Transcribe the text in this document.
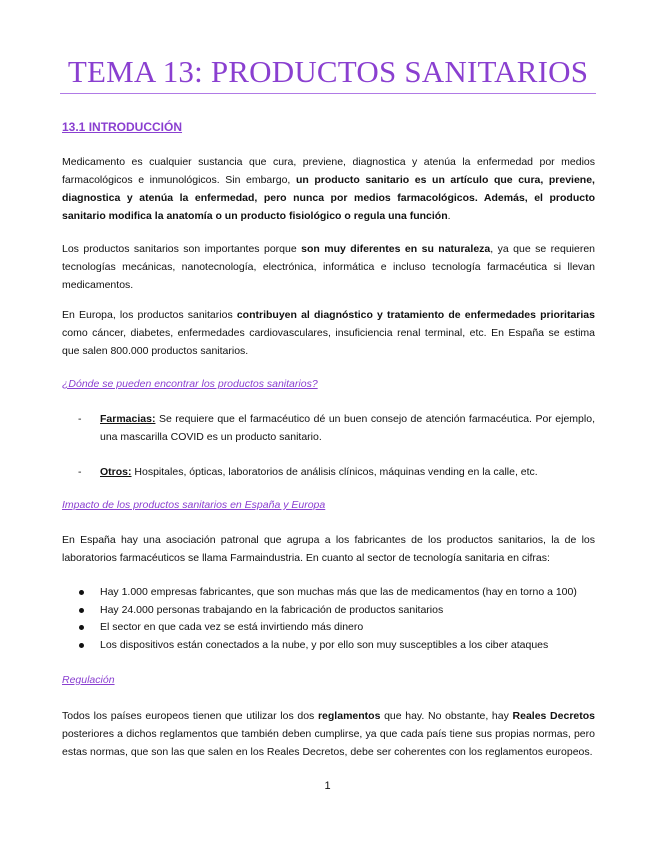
TEMA 13: PRODUCTOS SANITARIOS
13.1 INTRODUCCIÓN

Medicamento es cualquier sustancia que cura, previene, diagnostica y atenúa la enfermedad por medios farmacológicos e inmunológicos. Sin embargo, un producto sanitario es un artículo que cura, previene, diagnostica y atenúa la enfermedad, pero nunca por medios farmacológicos. Además, el producto sanitario modifica la anatomía o un producto fisiológico o regula una función.

Los productos sanitarios son importantes porque son muy diferentes en su naturaleza, ya que se requieren tecnologías mecánicas, nanotecnología, electrónica, informática e incluso tecnología farmacéutica si llevan medicamentos.

En Europa, los productos sanitarios contribuyen al diagnóstico y tratamiento de enfermedades prioritarias como cáncer, diabetes, enfermedades cardiovasculares, insuficiencia renal terminal, etc. En España se estima que salen 800.000 productos sanitarios.

¿Dónde se pueden encontrar los productos sanitarios?

- Farmacias: Se requiere que el farmacéutico dé un buen consejo de atención farmacéutica. Por ejemplo, una mascarilla COVID es un producto sanitario.
- Otros: Hospitales, ópticas, laboratorios de análisis clínicos, máquinas vending en la calle, etc.

Impacto de los productos sanitarios en España y Europa

En España hay una asociación patronal que agrupa a los fabricantes de los productos sanitarios, la de los laboratorios farmacéuticos se llama Farmaindustria. En cuanto al sector de tecnología sanitaria en cifras:

Hay 1.000 empresas fabricantes, que son muchas más que las de medicamentos (hay en torno a 100)
Hay 24.000 personas trabajando en la fabricación de productos sanitarios
El sector en que cada vez se está invirtiendo más dinero
Los dispositivos están conectados a la nube, y por ello son muy susceptibles a los ciber ataques

Regulación

Todos los países europeos tienen que utilizar los dos reglamentos que hay. No obstante, hay Reales Decretos posteriores a dichos reglamentos que también deben cumplirse, ya que cada país tiene sus propias normas, pero estas normas, que son las que salen en los Reales Decretos, debe ser coherentes con los reglamentos europeos.

1
